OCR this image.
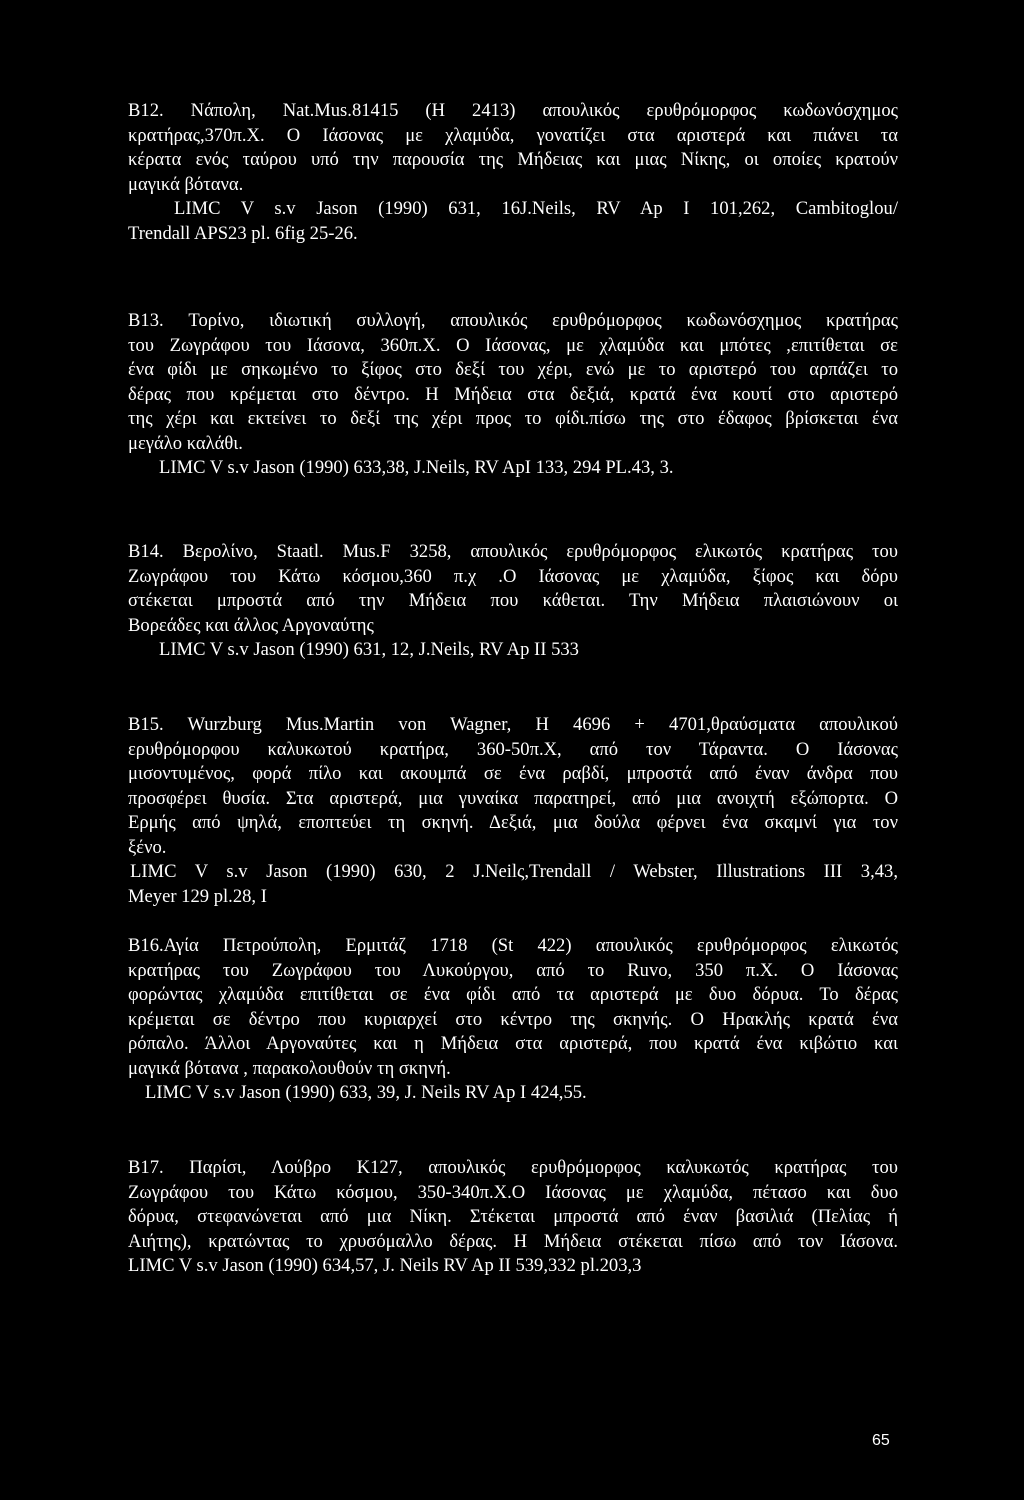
B12. Νάπολη, Nat.Mus.81415 (H 2413) απουλικός ερυθρόμορφος κωδωνόσχημος
κρατήρας,370π.Χ. Ο Ιάσονας με χλαμύδα, γονατίζει στα αριστερά και πιάνει τα
κέρατα ενός ταύρου υπό την παρουσία της Μήδειας και μιας Νίκης, οι οποίες κρατούν
μαγικά βότανα.
LIMC V s.v Jason (1990) 631, 16J.Neils, RV Ap I 101,262, Cambitoglou/
Trendall APS23 pl. 6fig 25-26.
B13. Τορίνο, ιδιωτική συλλογή, απουλικός ερυθρόμορφος κωδωνόσχημος κρατήρας
του Ζωγράφου του Ιάσονα, 360π.Χ. Ο Ιάσονας, με χλαμύδα και μπότες ,επιτίθεται σε
ένα φίδι με σηκωμένο το ξίφος στο δεξί του χέρι, ενώ με το αριστερό του αρπάζει το
δέρας που κρέμεται στο δέντρο. Η Μήδεια στα δεξιά, κρατά ένα κουτί στο αριστερό
της χέρι και εκτείνει το δεξί της χέρι προς το φίδι.πίσω της στο έδαφος βρίσκεται ένα
μεγάλο καλάθι.
LIMC V s.v Jason (1990) 633,38, J.Neils, RV ApI 133, 294 PL.43, 3.
B14. Βερολίνο, Staatl. Mus.F 3258, απουλικός ερυθρόμορφος ελικωτός κρατήρας του
Ζωγράφου του Κάτω κόσμου,360 π.χ .Ο Ιάσονας με χλαμύδα, ξίφος και δόρυ
στέκεται μπροστά από την Μήδεια που κάθεται. Την Μήδεια πλαισιώνουν οι
Βορεάδες και άλλος Αργοναύτης
LIMC V s.v Jason (1990) 631, 12, J.Neils, RV Ap II 533
B15. Wurzburg Mus.Martin von Wagner, H 4696 + 4701,θραύσματα απουλικού
ερυθρόμορφου καλυκωτού κρατήρα, 360-50π.Χ, από τον Τάραντα. Ο Ιάσονας
μισοντυμένος, φορά πίλο και ακουμπά σε ένα ραβδί, μπροστά από έναν άνδρα που
προσφέρει θυσία. Στα αριστερά, μια γυναίκα παρατηρεί, από μια ανοιχτή εξώπορτα. Ο
Ερμής από ψηλά, εποπτεύει τη σκηνή. Δεξιά, μια δούλα φέρνει ένα σκαμνί για τον
ξένο.
LIMC V s.v Jason (1990) 630, 2 J.Neilς,Trendall / Webster, Illustrations III 3,43,
Meyer 129 pl.28, I
B16.Αγία Πετρούπολη, Ερμιτάζ 1718 (St 422) απουλικός ερυθρόμορφος ελικωτός
κρατήρας του Ζωγράφου του Λυκούργου, από το Ruvo, 350 π.Χ. Ο Ιάσονας
φορώντας χλαμύδα επιτίθεται σε ένα φίδι από τα αριστερά με δυο δόρυα. Το δέρας
κρέμεται σε δέντρο που κυριαρχεί στο κέντρο της σκηνής. Ο Ηρακλής κρατά ένα
ρόπαλο. Άλλοι Αργοναύτες και η Μήδεια στα αριστερά, που κρατά ένα κιβώτιο και
μαγικά βότανα , παρακολουθούν τη σκηνή.
LIMC V s.v Jason (1990) 633, 39, J. Neils RV Ap I 424,55.
B17. Παρίσι, Λούβρο K127, απουλικός ερυθρόμορφος καλυκωτός κρατήρας του
Ζωγράφου του Κάτω κόσμου, 350-340π.Χ.Ο Ιάσονας με χλαμύδα, πέτασο και δυο
δόρυα, στεφανώνεται από μια Νίκη. Στέκεται μπροστά από έναν βασιλιά (Πελίας ή
Αιήτης), κρατώντας το χρυσόμαλλο δέρας. Η Μήδεια στέκεται πίσω από τον Ιάσονα.
LIMC V s.v Jason (1990) 634,57, J. Neils RV Ap II 539,332 pl.203,3
65
